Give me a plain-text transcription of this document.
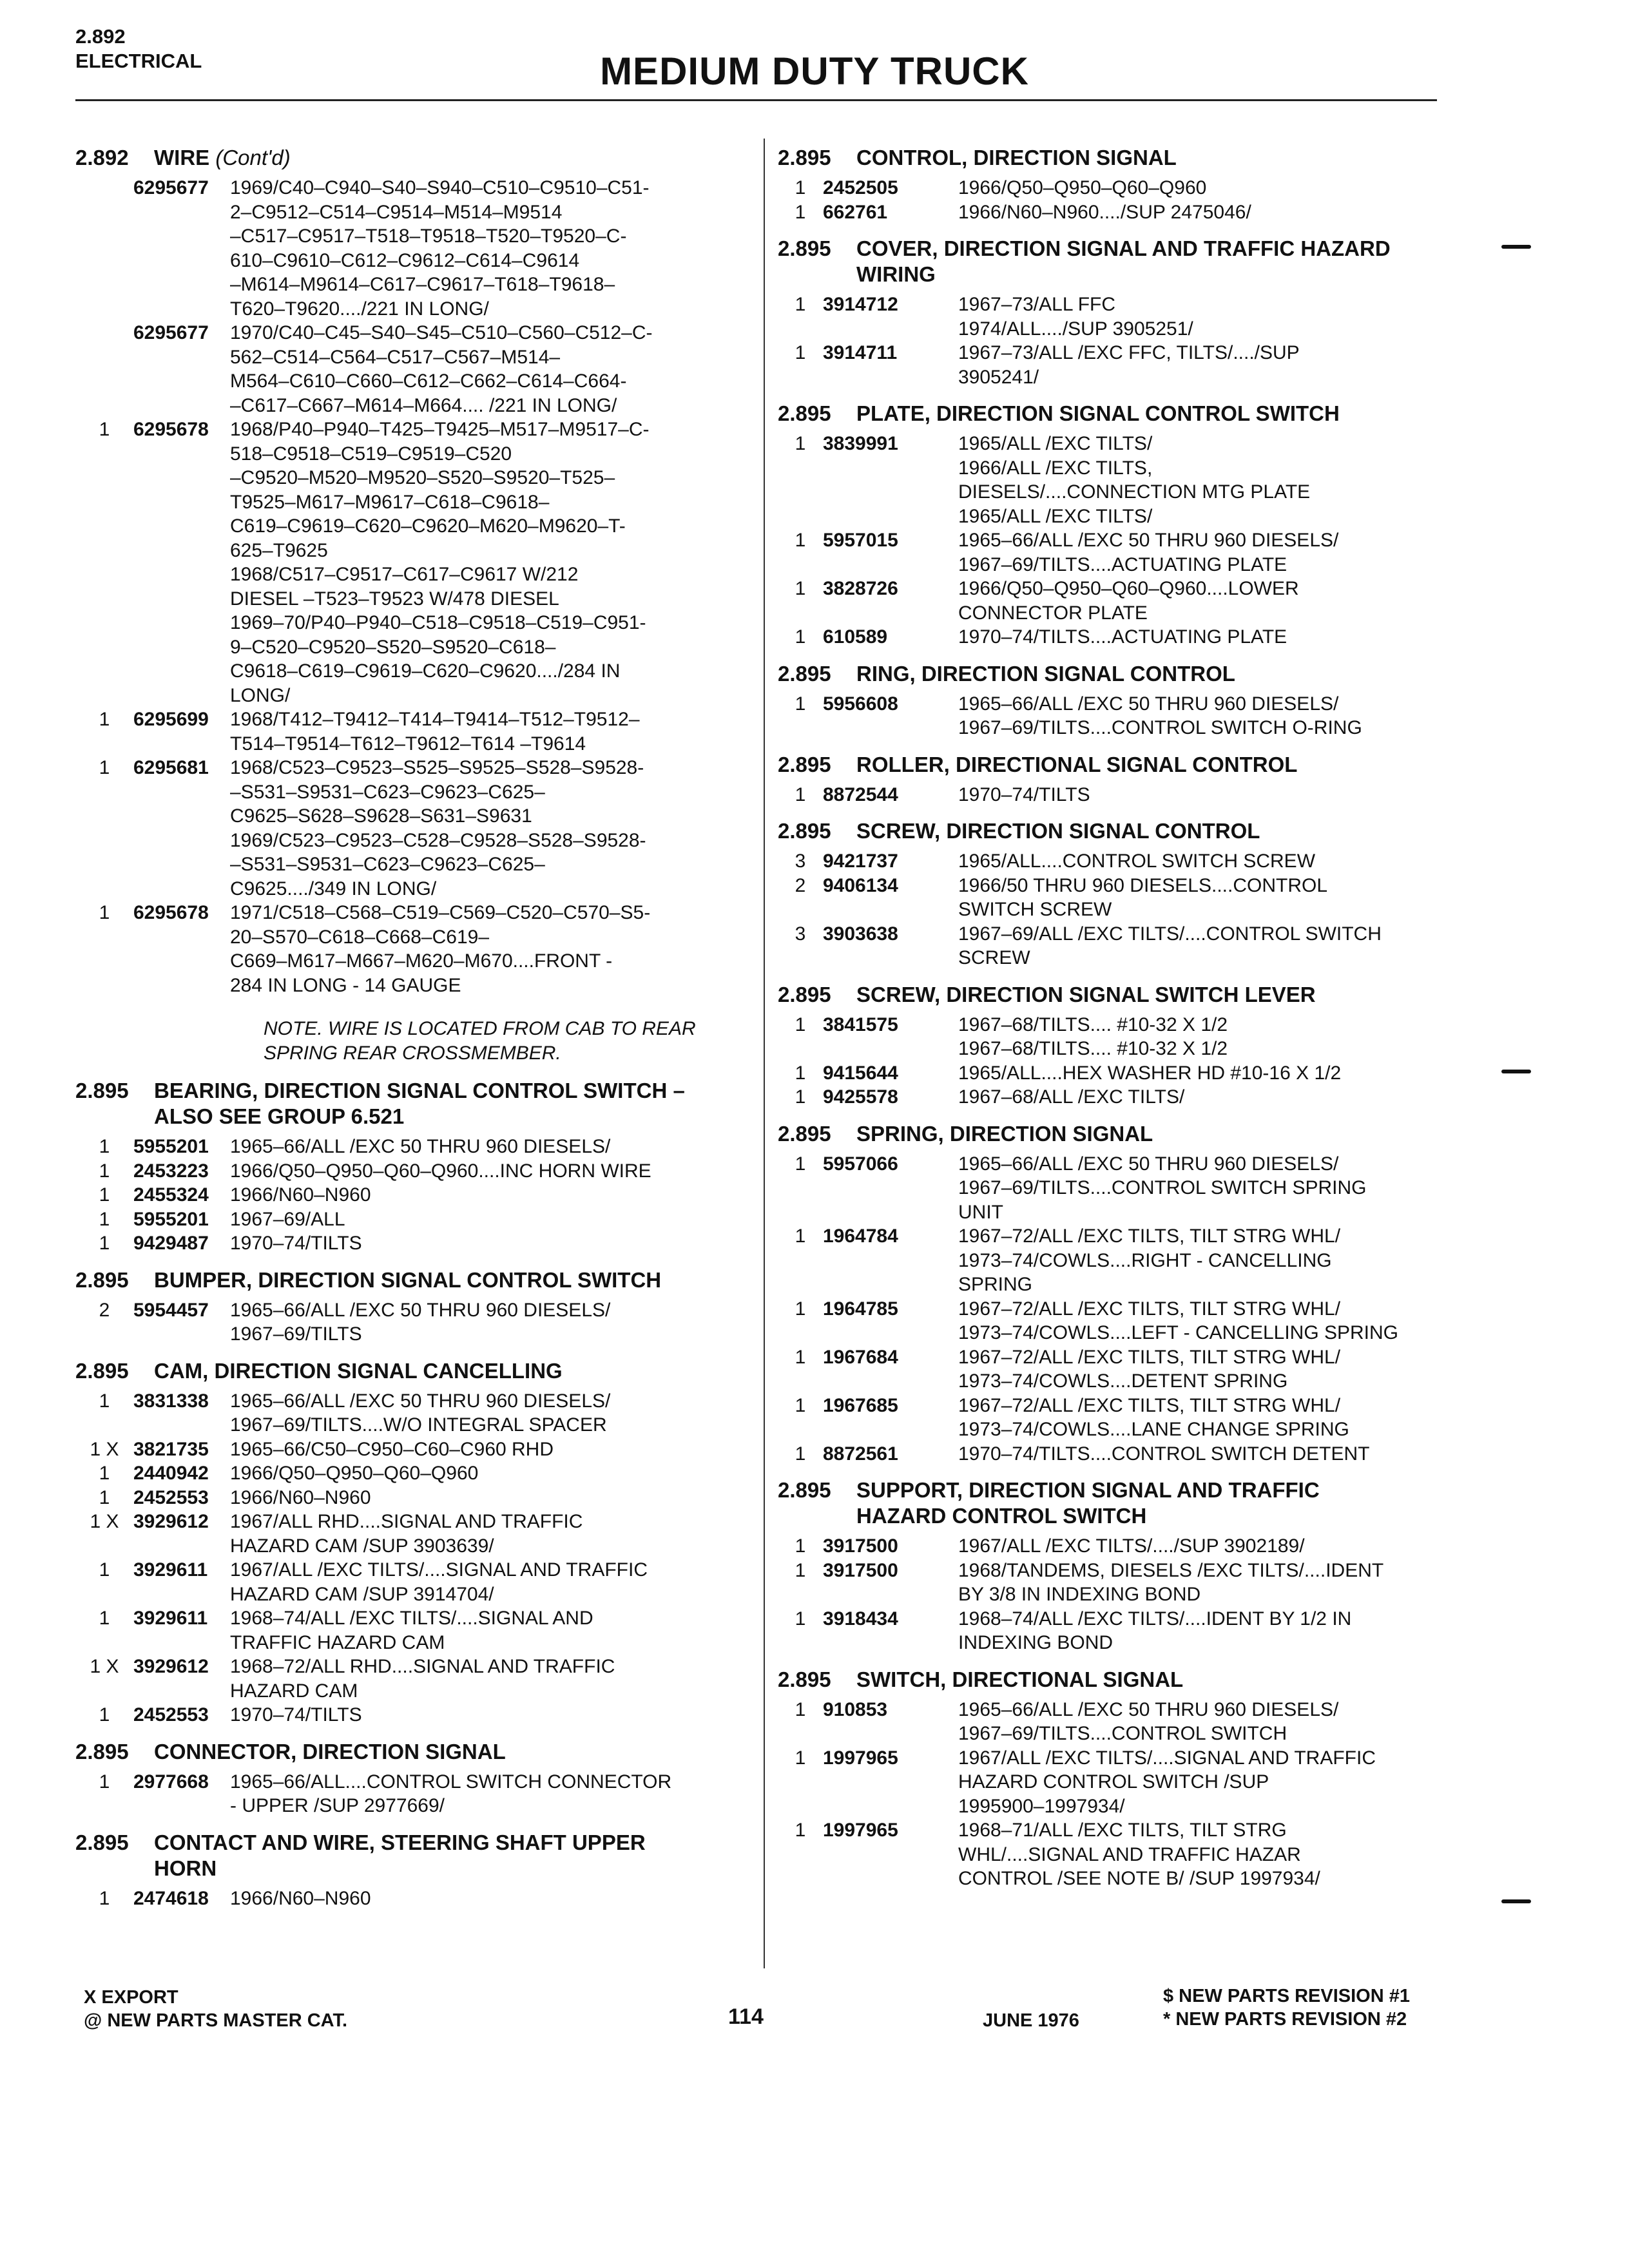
2.892
ELECTRICAL	MEDIUM DUTY TRUCK
2.892	WIRE (Cont'd)
6295677	1969/C40–C940–S40–S940–C510–C9510–C51-
2–C9512–C514–C9514–M514–M9514
–C517–C9517–T518–T9518–T520–T9520–C-
610–C9610–C612–C9612–C614–C9614
–M614–M9614–C617–C9617–T618–T9618–
T620–T9620..../221 IN LONG/
6295677	1970/C40–C45–S40–S45–C510–C560–C512–C-
562–C514–C564–C517–C567–M514–
M564–C610–C660–C612–C662–C614–C664-
–C617–C667–M614–M664.... /221 IN LONG/
1	6295678	1968/P40–P940–T425–T9425–M517–M9517–C-
518–C9518–C519–C9519–C520
–C9520–M520–M9520–S520–S9520–T525–
T9525–M617–M9617–C618–C9618–
C619–C9619–C620–C9620–M620–M9620–T-
625–T9625
1968/C517–C9517–C617–C9617 W/212
DIESEL –T523–T9523 W/478 DIESEL
1969–70/P40–P940–C518–C9518–C519–C951-
9–C520–C9520–S520–S9520–C618–
C9618–C619–C9619–C620–C9620..../284 IN
LONG/
1	6295699	1968/T412–T9412–T414–T9414–T512–T9512–
T514–T9514–T612–T9612–T614 –T9614
1	6295681	1968/C523–C9523–S525–S9525–S528–S9528-
–S531–S9531–C623–C9623–C625–
C9625–S628–S9628–S631–S9631
1969/C523–C9523–C528–C9528–S528–S9528-
–S531–S9531–C623–C9623–C625–
C9625..../349 IN LONG/
1	6295678	1971/C518–C568–C519–C569–C520–C570–S5-
20–S570–C618–C668–C619–
C669–M617–M667–M620–M670....FRONT -
284 IN LONG - 14 GAUGE
NOTE. WIRE IS LOCATED FROM CAB TO REAR
SPRING REAR CROSSMEMBER.
2.895	BEARING, DIRECTION SIGNAL CONTROL SWITCH –
ALSO SEE GROUP 6.521
1	5955201	1965–66/ALL /EXC 50 THRU 960 DIESELS/
1	2453223	1966/Q50–Q950–Q60–Q960....INC HORN WIRE
1	2455324	1966/N60–N960
1	5955201	1967–69/ALL
1	9429487	1970–74/TILTS
2.895	BUMPER, DIRECTION SIGNAL CONTROL SWITCH
2	5954457	1965–66/ALL /EXC 50 THRU 960 DIESELS/
1967–69/TILTS
2.895	CAM, DIRECTION SIGNAL CANCELLING
1	3831338	1965–66/ALL /EXC 50 THRU 960 DIESELS/
1967–69/TILTS....W/O INTEGRAL SPACER
1 X 3821735	1965–66/C50–C950–C60–C960 RHD
1	2440942	1966/Q50–Q950–Q60–Q960
1	2452553	1966/N60–N960
1 X 3929612	1967/ALL RHD....SIGNAL AND TRAFFIC
HAZARD CAM /SUP 3903639/
1	3929611	1967/ALL /EXC TILTS/....SIGNAL AND TRAFFIC
HAZARD CAM /SUP 3914704/
1	3929611	1968–74/ALL /EXC TILTS/....SIGNAL AND
TRAFFIC HAZARD CAM
1 X 3929612	1968–72/ALL RHD....SIGNAL AND TRAFFIC
HAZARD CAM
1	2452553	1970–74/TILTS
2.895	CONNECTOR, DIRECTION SIGNAL
1	2977668	1965–66/ALL....CONTROL SWITCH CONNECTOR
- UPPER /SUP 2977669/
2.895	CONTACT AND WIRE, STEERING SHAFT UPPER
HORN
1	2474618	1966/N60–N960
2.895	CONTROL, DIRECTION SIGNAL
1 2452505	1966/Q50–Q950–Q60–Q960
1 662761	1966/N60–N960..../SUP 2475046/
2.895	COVER, DIRECTION SIGNAL AND TRAFFIC HAZARD
WIRING
1 3914712	1967–73/ALL FFC
1974/ALL..../SUP 3905251/
1 3914711	1967–73/ALL /EXC FFC, TILTS/..../SUP
3905241/
2.895	PLATE, DIRECTION SIGNAL CONTROL SWITCH
1 3839991	1965/ALL /EXC TILTS/
1966/ALL /EXC TILTS,
DIESELS/....CONNECTION MTG PLATE
1965/ALL /EXC TILTS/
1 5957015	1965–66/ALL /EXC 50 THRU 960 DIESELS/
1967–69/TILTS....ACTUATING PLATE
1 3828726	1966/Q50–Q950–Q60–Q960....LOWER
CONNECTOR PLATE
1 610589	1970–74/TILTS....ACTUATING PLATE
2.895	RING, DIRECTION SIGNAL CONTROL
1 5956608	1965–66/ALL /EXC 50 THRU 960 DIESELS/
1967–69/TILTS....CONTROL SWITCH O-RING
2.895	ROLLER, DIRECTIONAL SIGNAL CONTROL
1 8872544	1970–74/TILTS
2.895	SCREW, DIRECTION SIGNAL CONTROL
3 9421737	1965/ALL....CONTROL SWITCH SCREW
2 9406134	1966/50 THRU 960 DIESELS....CONTROL
SWITCH SCREW
3 3903638	1967–69/ALL /EXC TILTS/....CONTROL SWITCH
SCREW
2.895	SCREW, DIRECTION SIGNAL SWITCH LEVER
1 3841575	1967–68/TILTS.... #10-32 X 1/2
1967–68/TILTS.... #10-32 X 1/2
1 9415644	1965/ALL....HEX WASHER HD #10-16 X 1/2
1 9425578	1967–68/ALL /EXC TILTS/
2.895	SPRING, DIRECTION SIGNAL
1 5957066	1965–66/ALL /EXC 50 THRU 960 DIESELS/
1967–69/TILTS....CONTROL SWITCH SPRING
UNIT
1 1964784	1967–72/ALL /EXC TILTS, TILT STRG WHL/
1973–74/COWLS....RIGHT - CANCELLING
SPRING
1 1964785	1967–72/ALL /EXC TILTS, TILT STRG WHL/
1973–74/COWLS....LEFT - CANCELLING SPRING
1 1967684	1967–72/ALL /EXC TILTS, TILT STRG WHL/
1973–74/COWLS....DETENT SPRING
1 1967685	1967–72/ALL /EXC TILTS, TILT STRG WHL/
1973–74/COWLS....LANE CHANGE SPRING
1 8872561	1970–74/TILTS....CONTROL SWITCH DETENT
2.895	SUPPORT, DIRECTION SIGNAL AND TRAFFIC
HAZARD CONTROL SWITCH
1 3917500	1967/ALL /EXC TILTS/..../SUP 3902189/
1 3917500	1968/TANDEMS, DIESELS /EXC TILTS/....IDENT
BY 3/8 IN INDEXING BOND
1 3918434	1968–74/ALL /EXC TILTS/....IDENT BY 1/2 IN
INDEXING BOND
2.895	SWITCH, DIRECTIONAL SIGNAL
1 910853	1965–66/ALL /EXC 50 THRU 960 DIESELS/
1967–69/TILTS....CONTROL SWITCH
1 1997965	1967/ALL /EXC TILTS/....SIGNAL AND TRAFFIC
HAZARD CONTROL SWITCH /SUP
1995900–1997934/
1 1997965	1968–71/ALL /EXC TILTS, TILT STRG
WHL/....SIGNAL AND TRAFFIC HAZAR
CONTROL /SEE NOTE B/ /SUP 1997934/
X EXPORT
@ NEW PARTS MASTER CAT.	114	JUNE 1976
$ NEW PARTS REVISION #1
* NEW PARTS REVISION #2
